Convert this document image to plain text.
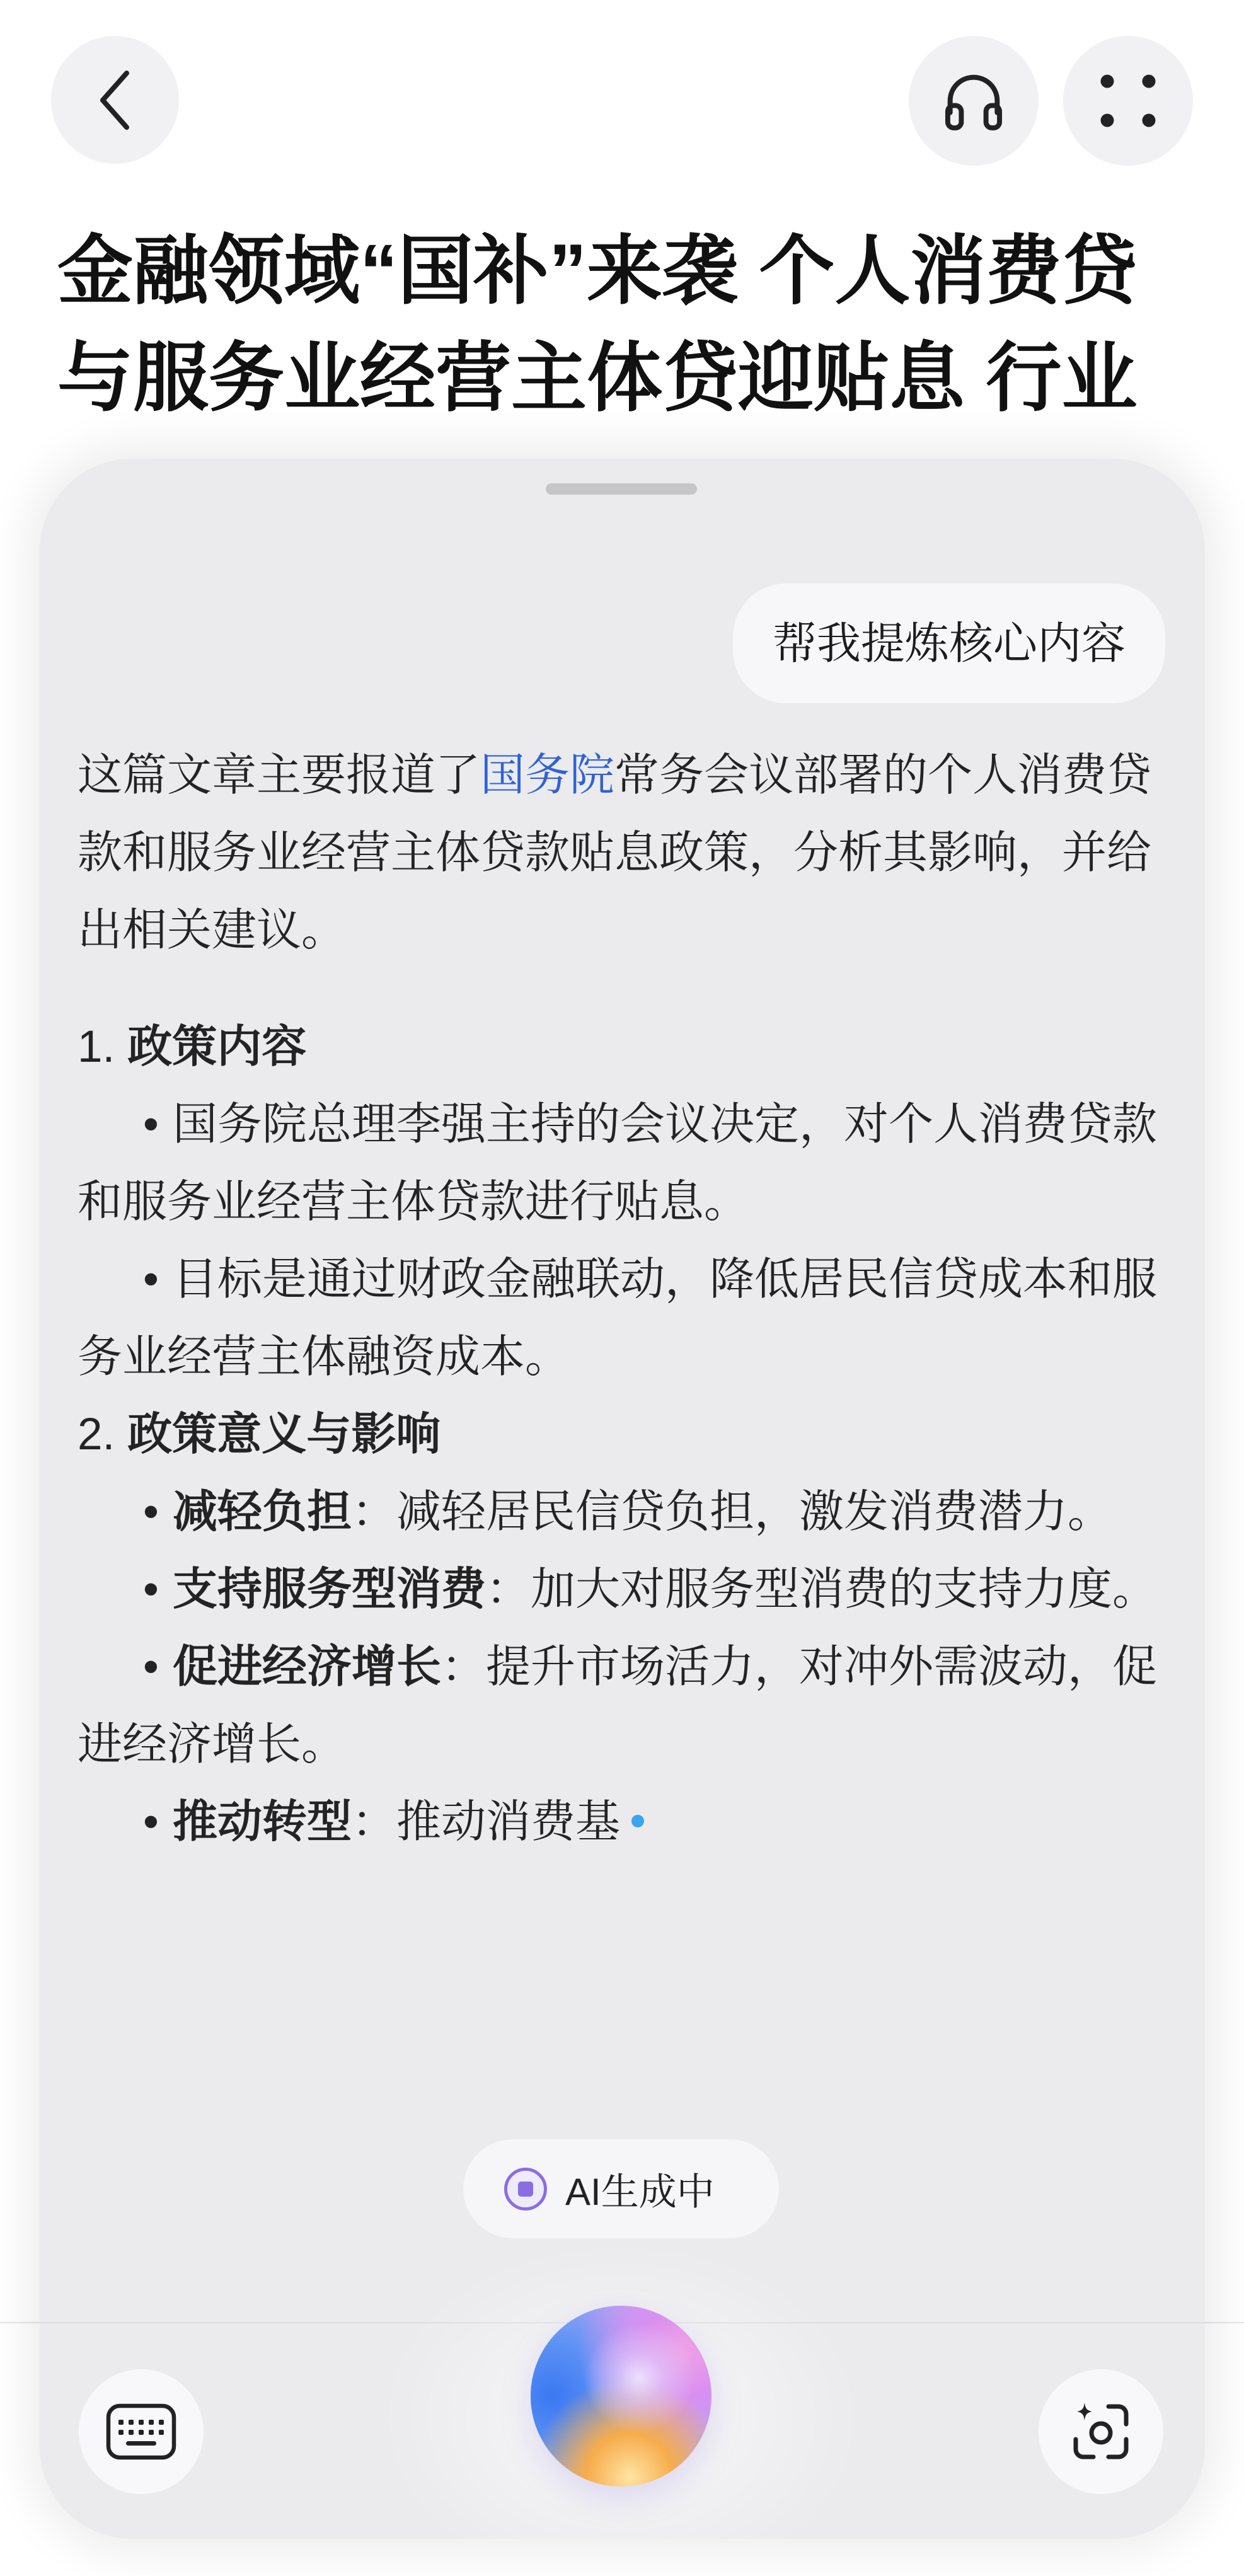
金融领域“国补”来袭 个人消费贷
与服务业经营主体贷迎贴息 行业
帮我提炼核心内容

这篇文章主要报道了国务院常务会议部署的个人消费贷款和服务业经营主体贷款贴息政策，分析其影响，并给出相关建议。

1. 政策内容

• 国务院总理李强主持的会议决定，对个人消费贷款和服务业经营主体贷款进行贴息。

• 目标是通过财政金融联动，降低居民信贷成本和服务业经营主体融资成本。

2. 政策意义与影响

• 减轻负担：减轻居民信贷负担，激发消费潜力。

• 支持服务型消费：加大对服务型消费的支持力度。

• 促进经济增长：提升市场活力，对冲外需波动，促进经济增长。

• 推动转型：推动消费基

AI生成中
